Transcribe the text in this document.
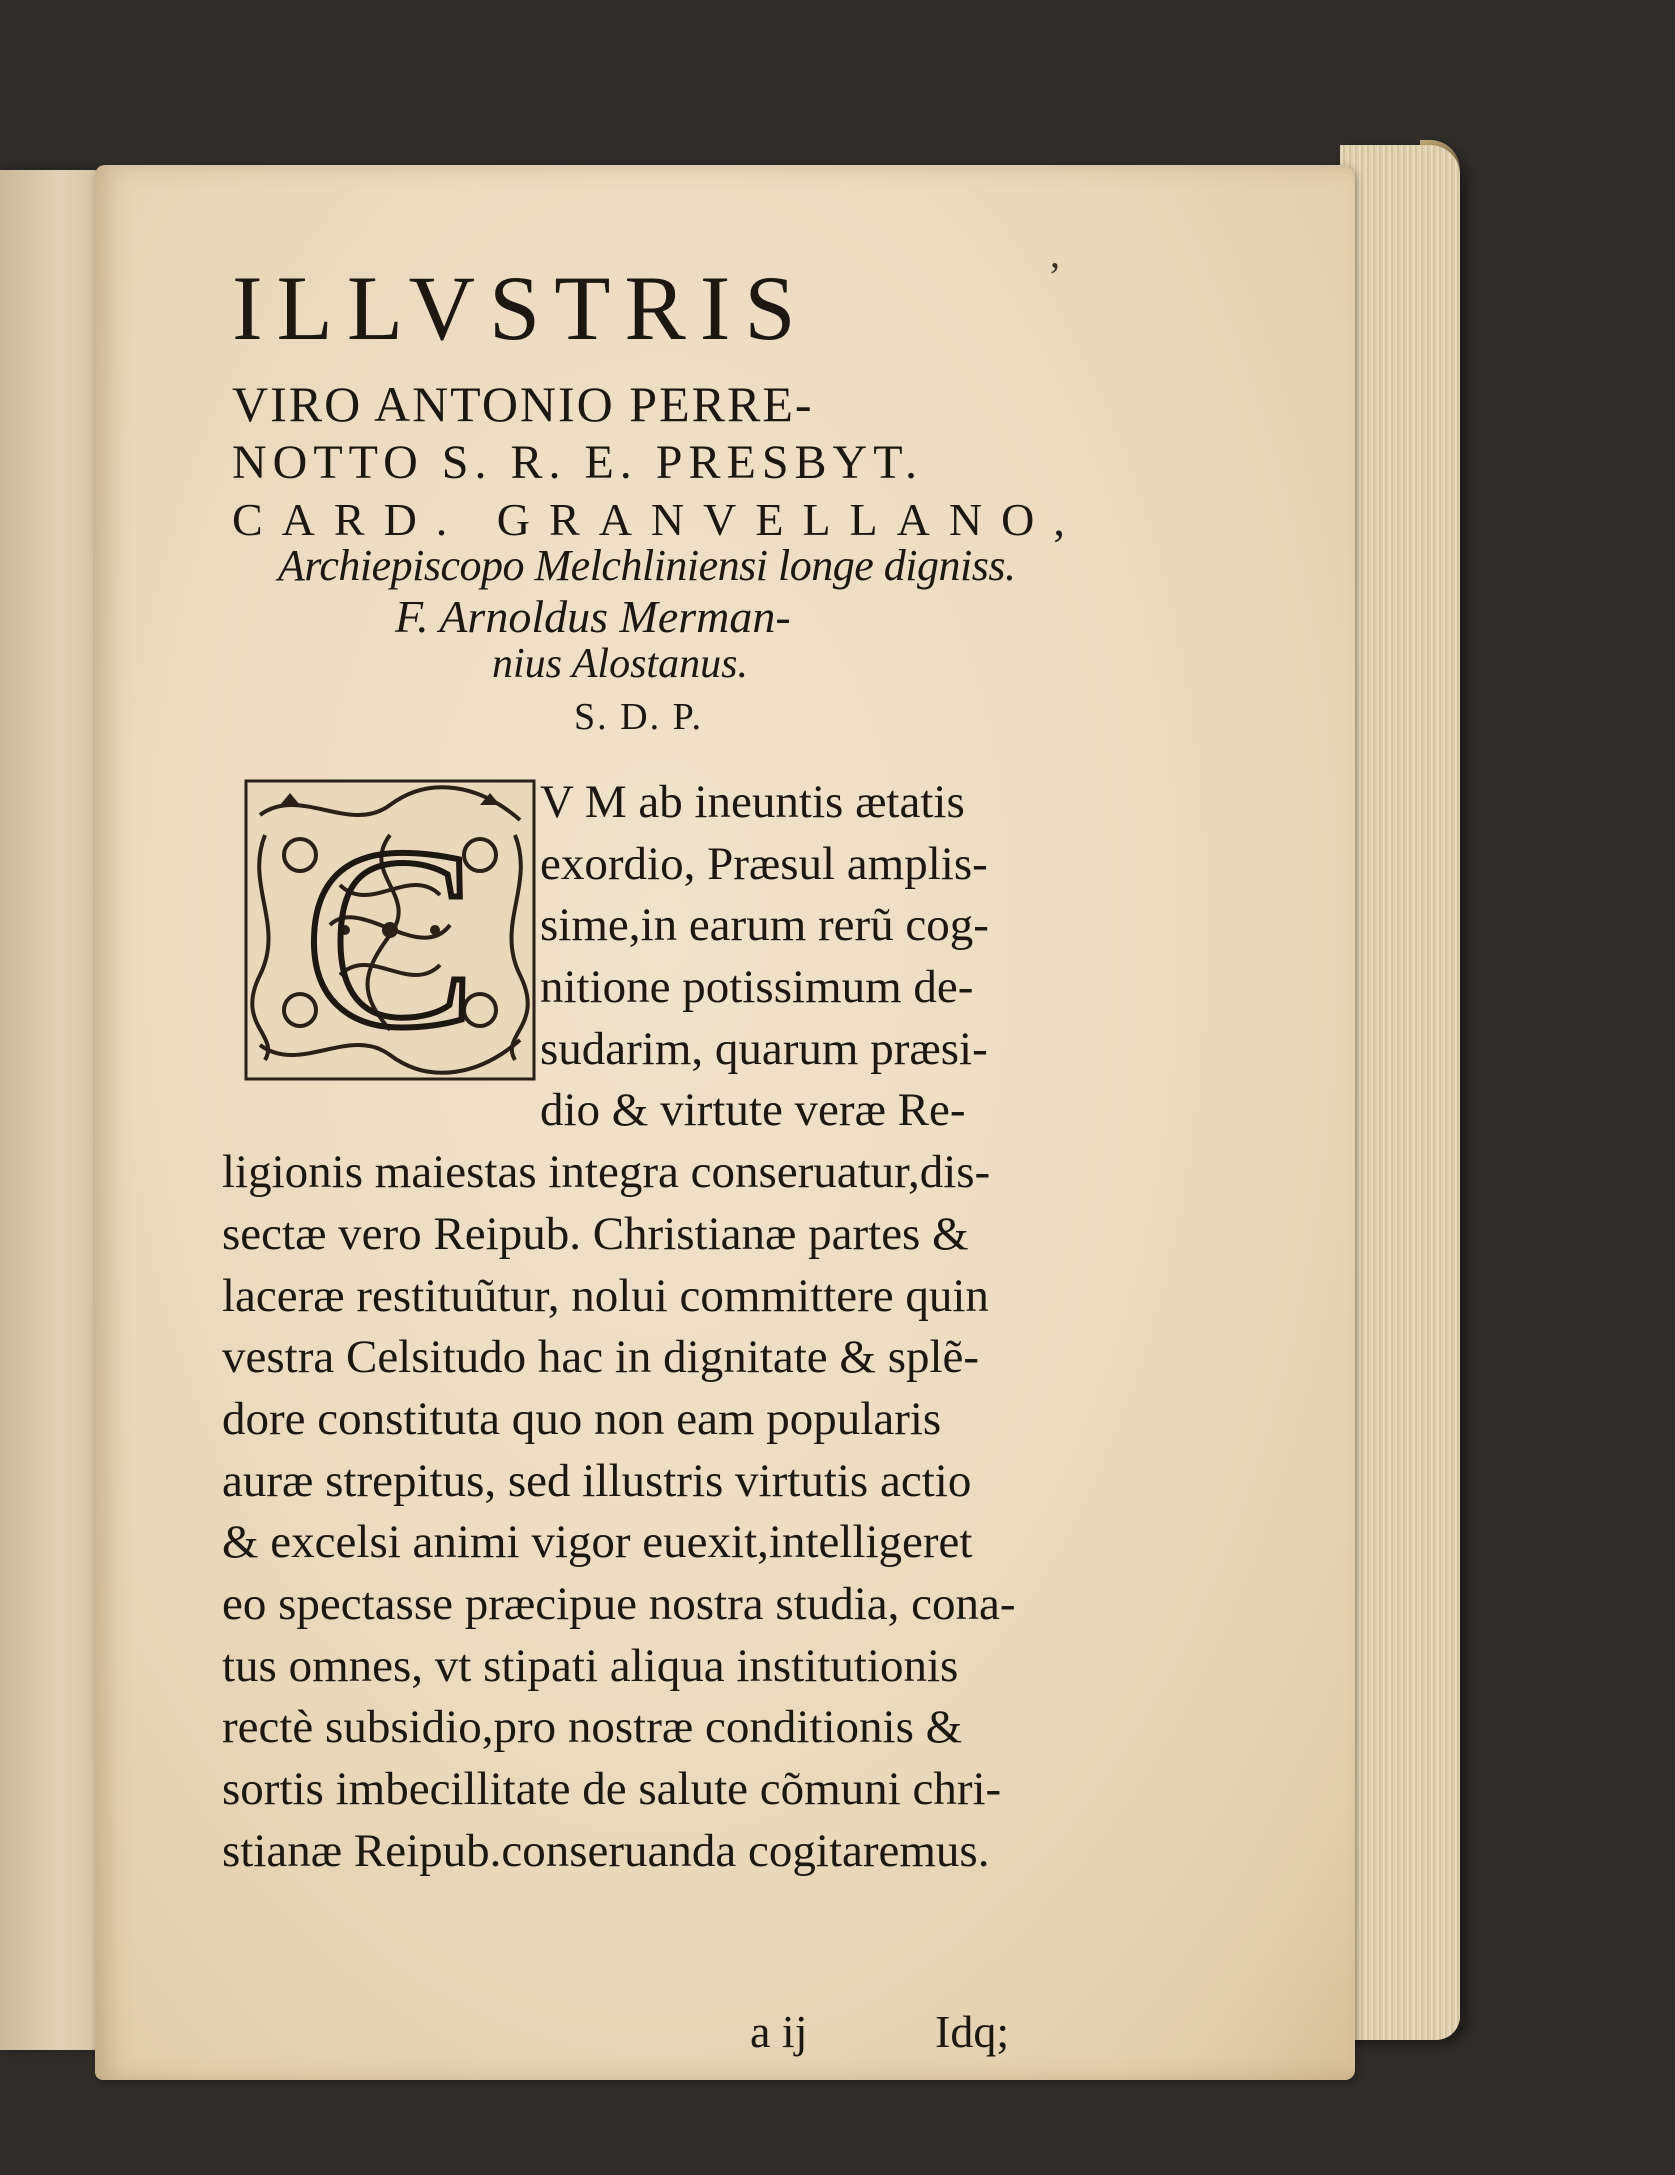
,
ILLVSTRIS
VIRO ANTONIO PERRE-
NOTTO S. R. E. PRESBYT.
CARD. GRANVELLANO,
Archiepiscopo Melchliniensi longe digniss.
F. Arnoldus Merman-
nius Alostanus.
S. D. P.
C	V M ab ineuntis ætatis
exordio, Præsul amplis-
sime,in earum rerũ cog-
nitione potissimum de-
sudarim, quarum præsi-
dio & virtute veræ Re-
ligionis maiestas integra conseruatur,dis-
sectæ vero Reipub. Christianæ partes &
laceræ restituũtur, nolui committere quin
vestra Celsitudo hac in dignitate & splẽ-
dore constituta quo non eam popularis
auræ strepitus, sed illustris virtutis actio
& excelsi animi vigor euexit,intelligeret
eo spectasse præcipue nostra studia, cona-
tus omnes, vt stipati aliqua institutionis
rectè subsidio,pro nostræ conditionis &
sortis imbecillitate de salute cõmuni chri-
stianæ Reipub.conseruanda cogitaremus.
a ij	Idq;
